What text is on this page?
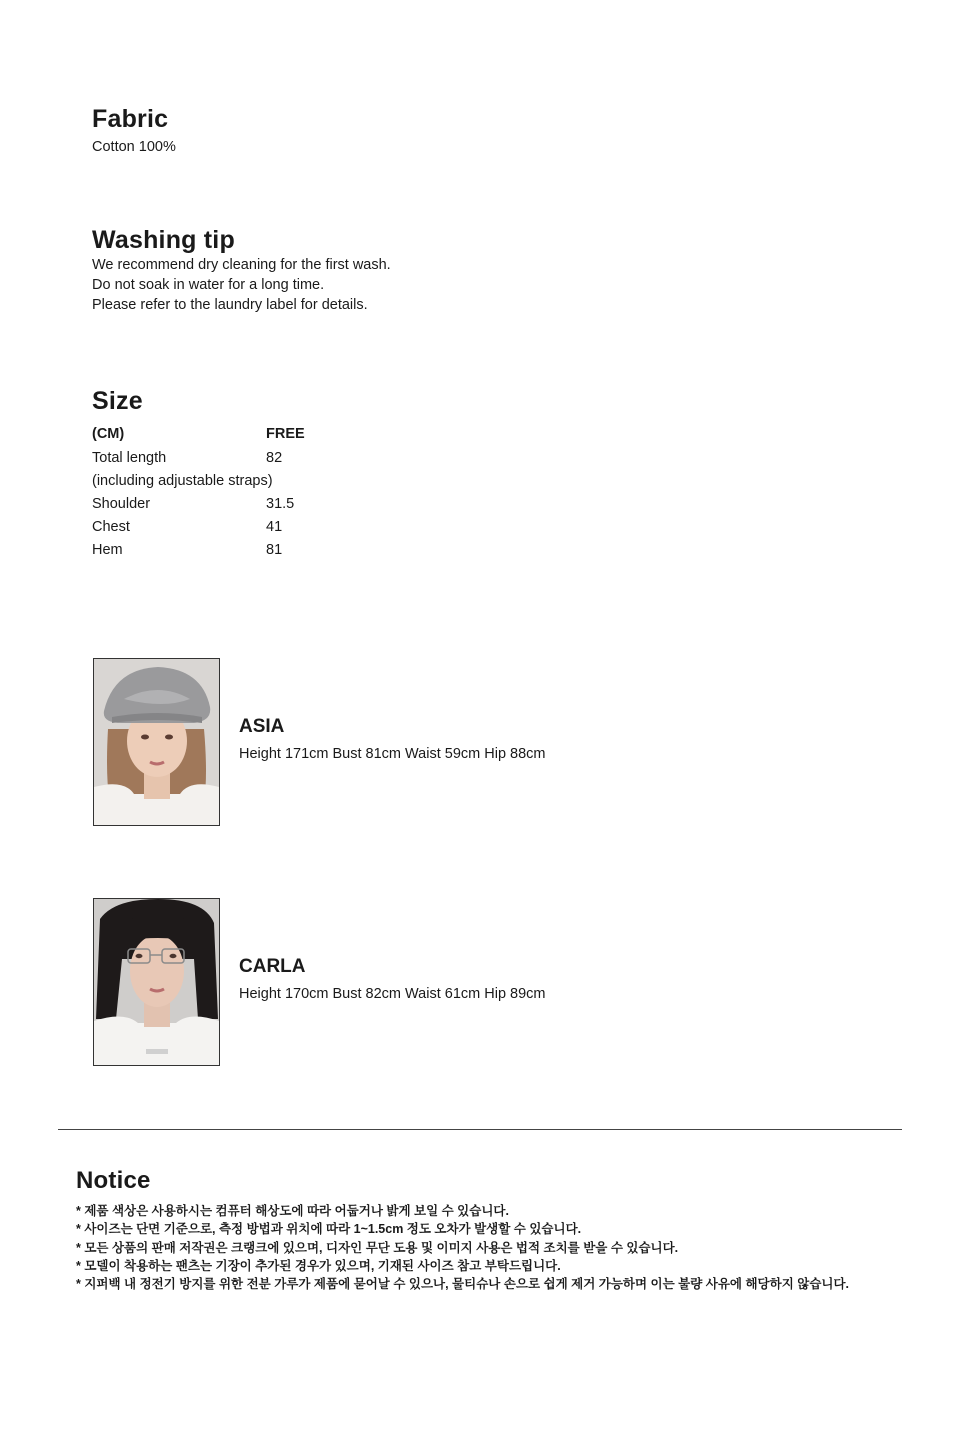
Fabric

Cotton 100%

Washing tip

We recommend dry cleaning for the first wash.

Do not soak in water for a long time.

Please refer to the laundry label for details.

Size
(CM)	FREE
Total length	82
(including adjustable straps)
Shoulder	31.5
Chest	41
Hem	81
ASIA
Height 171cm Bust 81cm Waist 59cm Hip 88cm
CARLA
Height 170cm Bust 82cm Waist 61cm Hip 89cm
Notice
* 제품 색상은 사용하시는 컴퓨터 해상도에 따라 어둡거나 밝게 보일 수 있습니다.
* 사이즈는 단면 기준으로, 측정 방법과 위치에 따라 1~1.5cm 정도 오차가 발생할 수 있습니다.
* 모든 상품의 판매 저작권은 크랭크에 있으며, 디자인 무단 도용 및 이미지 사용은 법적 조치를 받을 수 있습니다.
* 모델이 착용하는 팬츠는 기장이 추가된 경우가 있으며, 기재된 사이즈 참고 부탁드립니다.
* 지퍼백 내 정전기 방지를 위한 전분 가루가 제품에 묻어날 수 있으나, 물티슈나 손으로 쉽게 제거 가능하며 이는 불량 사유에 해당하지 않습니다.
